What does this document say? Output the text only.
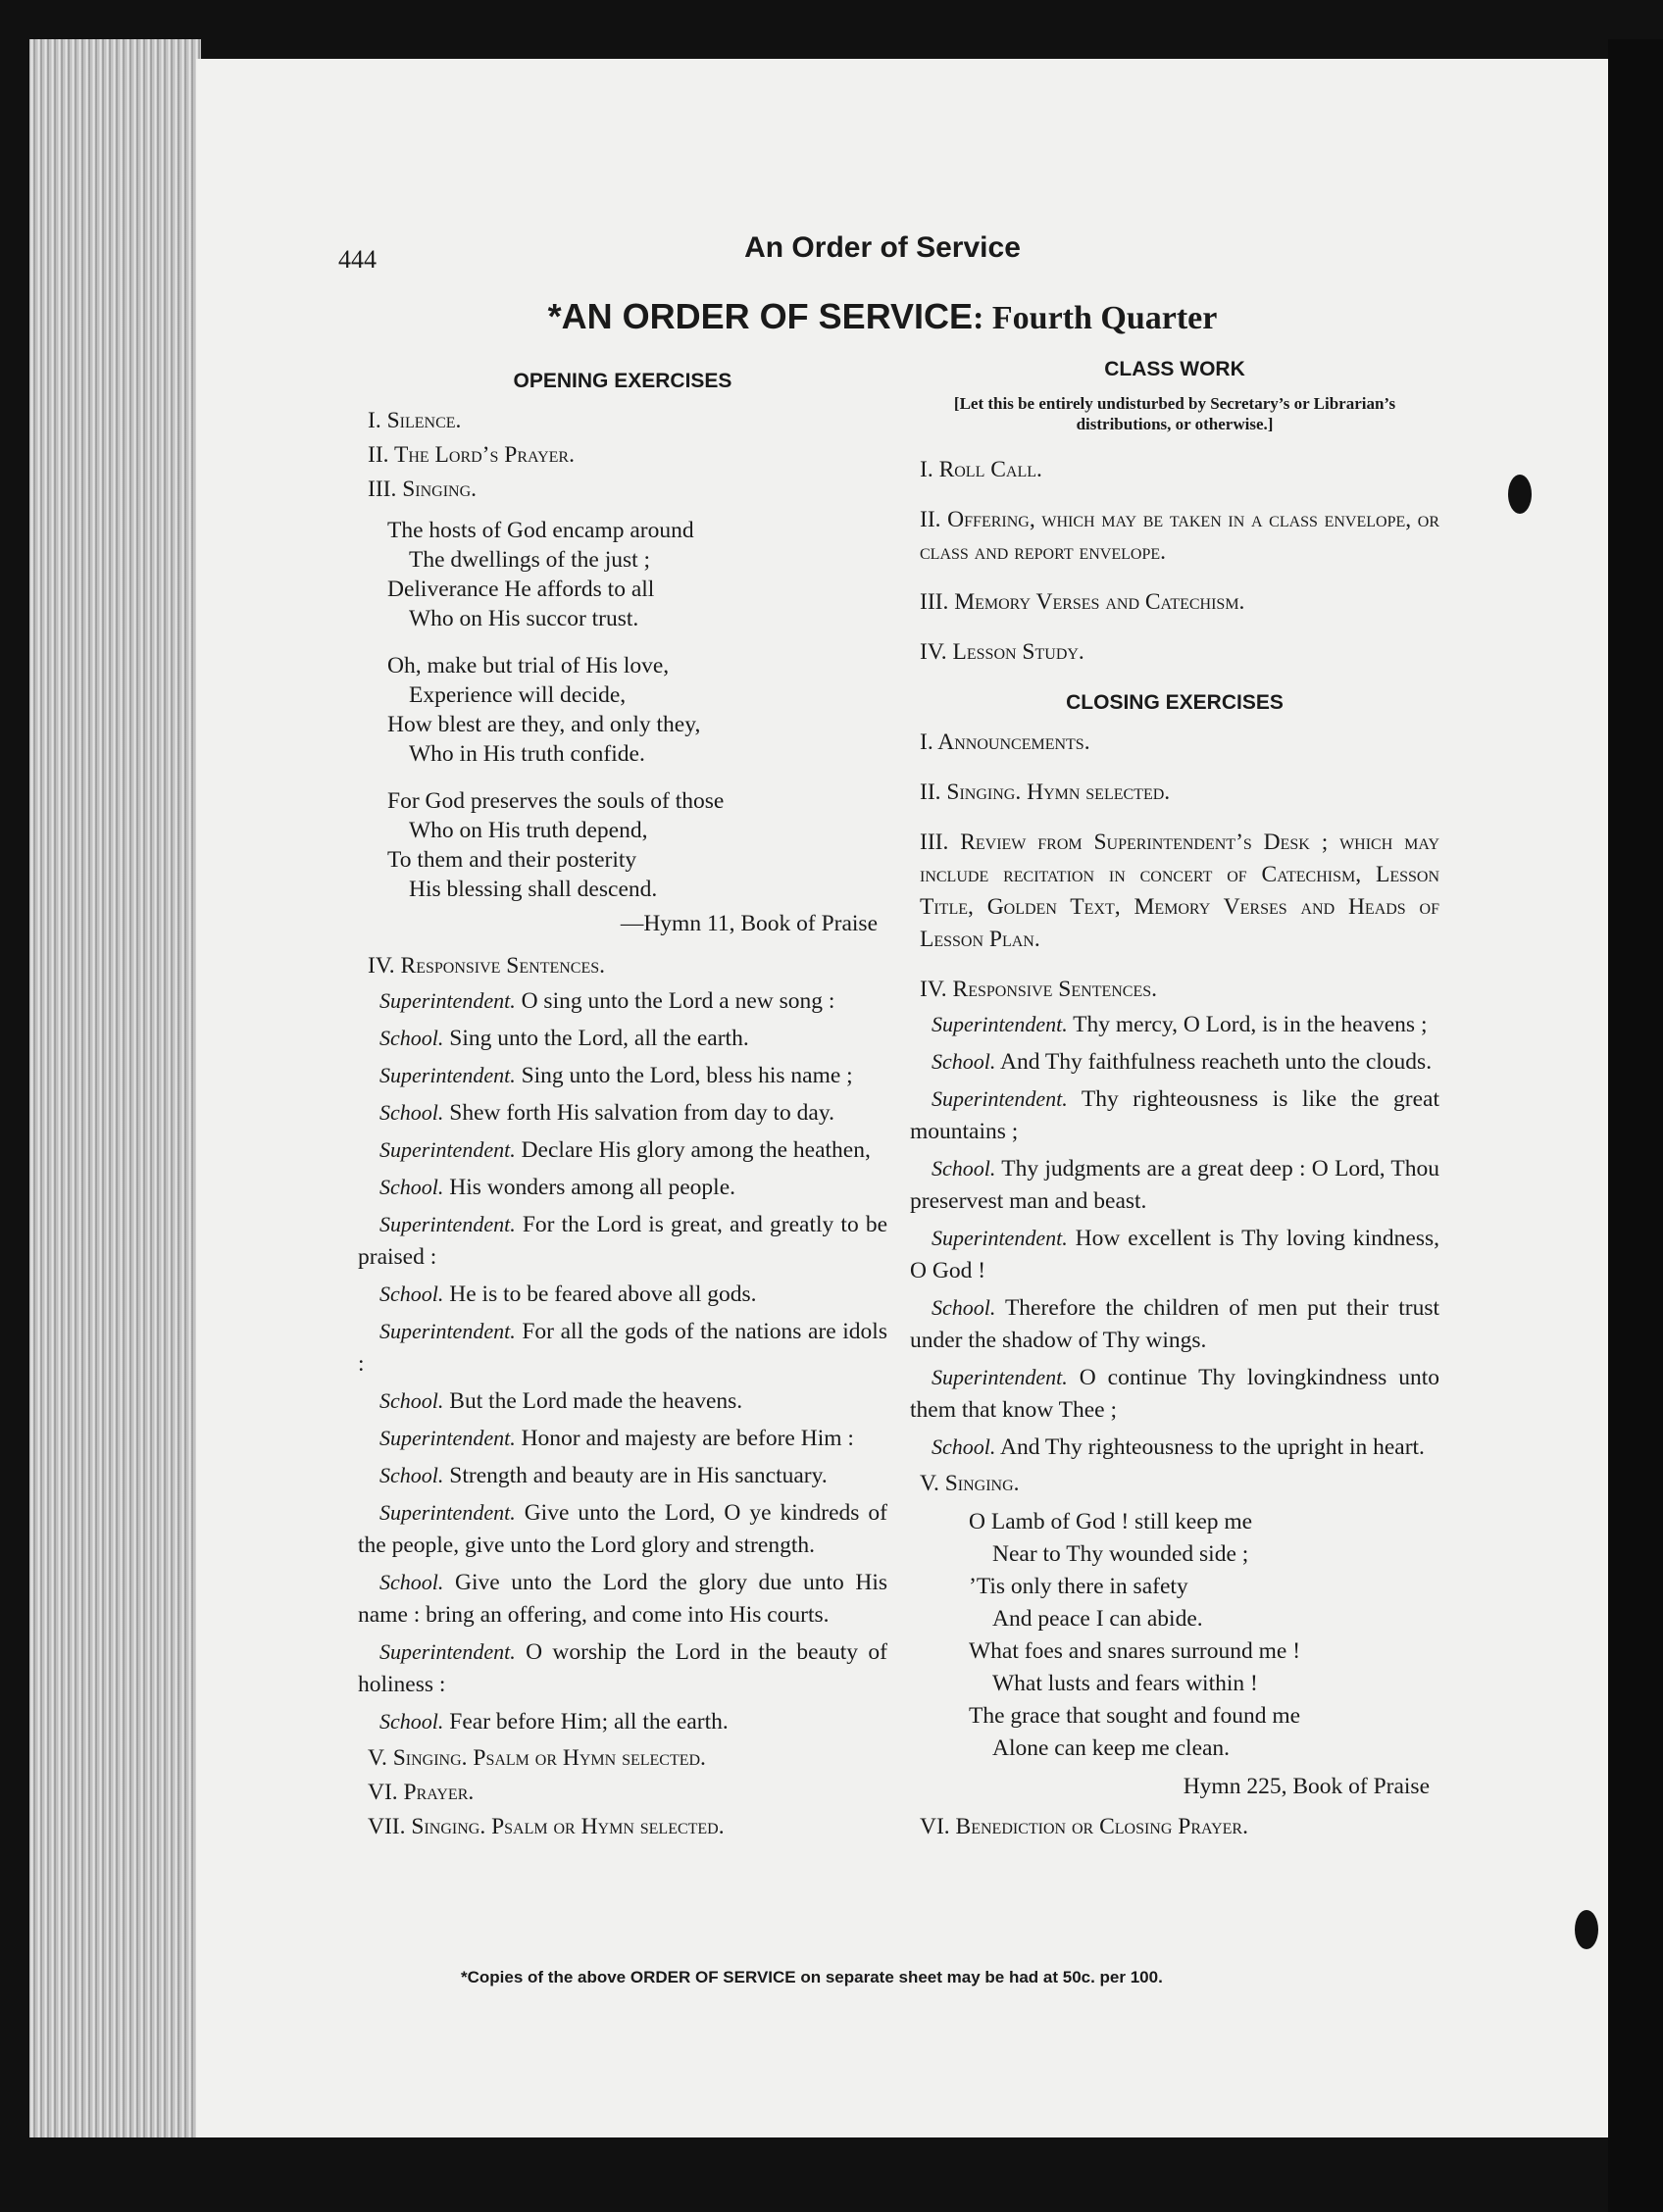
444	An Order of Service
*AN ORDER OF SERVICE: Fourth Quarter
OPENING EXERCISES
I. Silence.
II. The Lord’s Prayer.
III. Singing.
The hosts of God encamp around
The dwellings of the just ;
Deliverance He affords to all
Who on His succor trust.
Oh, make but trial of His love,
Experience will decide,
How blest are they, and only they,
Who in His truth confide.
For God preserves the souls of those
Who on His truth depend,
To them and their posterity
His blessing shall descend.
—Hymn 11, Book of Praise
IV. Responsive Sentences.

Superintendent. O sing unto the Lord a new song :

School. Sing unto the Lord, all the earth.

Superintendent. Sing unto the Lord, bless his name ;

School. Shew forth His salvation from day to day.

Superintendent. Declare His glory among the heathen,

School. His wonders among all people.

Superintendent. For the Lord is great, and greatly to be praised :

School. He is to be feared above all gods.

Superintendent. For all the gods of the nations are idols :

School. But the Lord made the heavens.

Superintendent. Honor and majesty are before Him :

School. Strength and beauty are in His sanctuary.

Superintendent. Give unto the Lord, O ye kindreds of the people, give unto the Lord glory and strength.

School. Give unto the Lord the glory due unto His name : bring an offering, and come into His courts.

Superintendent. O worship the Lord in the beauty of holiness :

School. Fear before Him; all the earth.

V. Singing. Psalm or Hymn selected.
VI. Prayer.
VII. Singing. Psalm or Hymn selected.
CLASS WORK
[Let this be entirely undisturbed by Secretary’s or Librarian’s distributions, or otherwise.]
I. Roll Call.
II. Offering, which may be taken in a class envelope, or class and report envelope.
III. Memory Verses and Catechism.
IV. Lesson Study.
CLOSING EXERCISES
I. Announcements.
II. Singing. Hymn selected.
III. Review from Superintendent’s Desk ; which may include recitation in concert of Catechism, Lesson Title, Golden Text, Memory Verses and Heads of Lesson Plan.
IV. Responsive Sentences.

Superintendent. Thy mercy, O Lord, is in the heavens ;

School. And Thy faithfulness reacheth unto the clouds.

Superintendent. Thy righteousness is like the great mountains ;

School. Thy judgments are a great deep : O Lord, Thou preservest man and beast.

Superintendent. How excellent is Thy loving kindness, O God !

School. Therefore the children of men put their trust under the shadow of Thy wings.

Superintendent. O continue Thy lovingkindness unto them that know Thee ;

School. And Thy righteousness to the upright in heart.

V. Singing.
O Lamb of God ! still keep me
Near to Thy wounded side ;
’Tis only there in safety
And peace I can abide.
What foes and snares surround me !
What lusts and fears within !
The grace that sought and found me
Alone can keep me clean.
Hymn 225, Book of Praise
VI. Benediction or Closing Prayer.
*Copies of the above ORDER OF SERVICE on separate sheet may be had at 50c. per 100.
